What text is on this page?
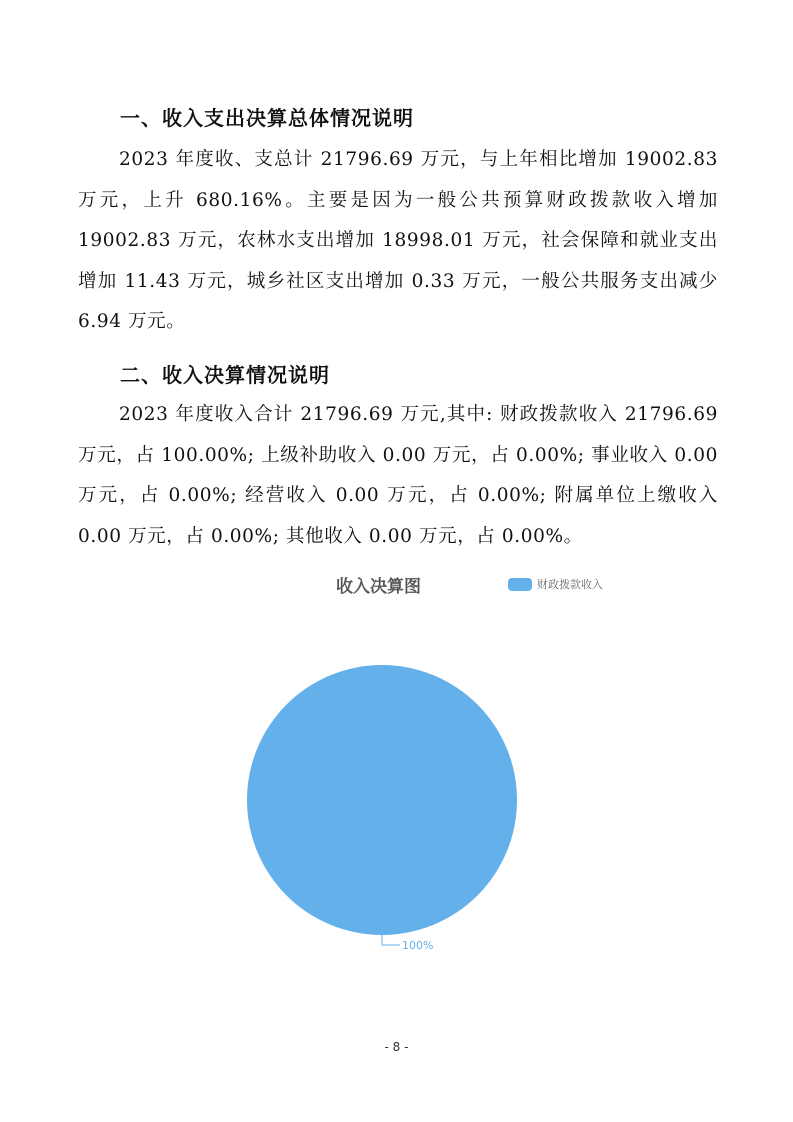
一、收入支出决算总体情况说明

2023 年度收、支总计 21796.69 万元，与上年相比增加 19002.83 万元，上升 680.16%。主要是因为一般公共预算财政拨款收入增加 19002.83 万元，农林水支出增加 18998.01 万元，社会保障和就业支出增加 11.43 万元，城乡社区支出增加 0.33 万元，一般公共服务支出减少 6.94 万元。

二、收入决算情况说明

2023 年度收入合计 21796.69 万元,其中: 财政拨款收入 21796.69 万元，占 100.00%; 上级补助收入 0.00 万元，占 0.00%; 事业收入 0.00 万元，占 0.00%; 经营收入 0.00 万元，占 0.00%; 附属单位上缴收入 0.00 万元，占 0.00%; 其他收入 0.00 万元，占 0.00%。

100%

收入决算图	财政拨款收入

- 8 -
